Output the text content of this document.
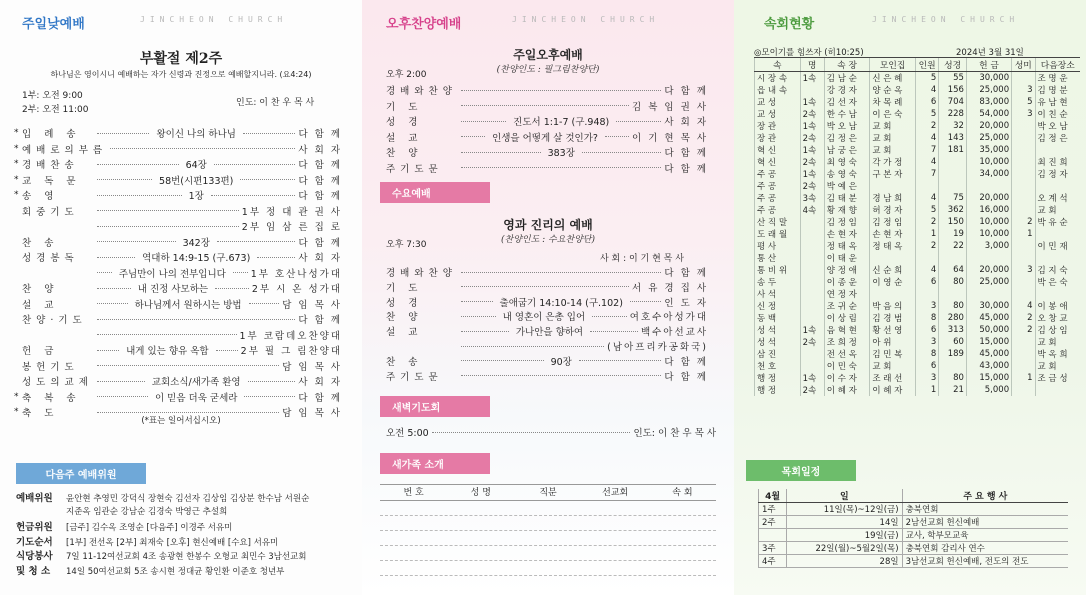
주일낮예배	JINCHEON CHURCH
부활절 제2주
하나님은 영이시니 예배하는 자가 신령과 진정으로 예배할지니라. (요4:24)
1부: 오전 9:00
2부: 오전 11:00
인도: 이 찬 우 목 사
* 입 례 송	왕이신 나의 하나님	다 함 께
* 예배로의부름	사 회 자
* 경배찬송	64장	다 함 께
* 교 독 문	58번(시편133편)	다 함 께
* 송 영	1장	다 함 께
회중기도	1부 정 대 관 권 사
2부 임 삼 른 집 로
찬 송	342장	다 함 께
성경봉독	역대하 14:9-15 (구.673)	사 회 자
주님만이 나의 전부입니다	1부 호산나성가대
찬 양	내 진정 사모하는	2부 시 온 성가대
설 교	하나님께서 원하시는 방법	담 임 목 사
찬양·기도	다 함 께
1부 코람데오찬양대
헌 금	내게 있는 향유 옥합	2부 필 그 림찬양대
봉헌기도	담 임 목 사
성도의교제	교회소식/새가족 환영	사 회 자
* 축 복 송	이 믿음 더욱 굳세라	다 함 께
* 축 도	담 임 목 사
(*표는 일어서십시오)
다음주 예배위원
예배위원 윤안현 추영민 강덕식 장현숙 김선자 김상임 김상분 한수남 서원순
지준옥 임관순 강남순 김경숙 박영근 추설희
헌금위원 [금주] 김수옥 조영순 [다음주] 이경주 서유미
기도순서 [1부] 전선옥 [2부] 최재숙 [오후] 현신예배 [수요] 서유미
식당봉사 7일 11-12여선교회 4조 송광현 한봉수 오형교 최민수 3남선교회
및 청 소 14일 50여선교회 5조 송시현 정대균 황인환 이준호 청년부
오후찬양예배	JINCHEON CHURCH
주일오후예배
(찬양인도 : 필그림찬양단)
오후 2:00
경배와찬양	다 함 께
기 도	김 복 임 권 사
성 경	진도서 1:1-7 (구.948)	사 회 자
설 교	인생을 어떻게 살 것인가?	이 기 현 목 사
찬 양	383장	다 함 께
주기도문	다 함 께
수요예배
영과 진리의 예배
(찬양인도 : 수요찬양단)
오후 7:30
사 회 : 이 기 현 목 사
경배와찬양	다 함 께
기 도	서 유 경 집 사
성 경	출애굽기 14:10-14 (구.102)	인 도 자
찬 양	내 영혼이 은총 입어	여호수아성가대
설 교	가나안을 향하여	백수아선교사
(남아프리카공화국)
찬 송	90장	다 함 께
주기도문	다 함 께
새벽기도회
오전 5:00	인도: 이 찬 우 목 사
새가족 소개
번 호	성 명	직분	선교회	속 회
속회현황	JINCHEON CHURCH
◎모이기를 힘쓰자 (히10:25)	2024년 3월 31일
속	명	속 장	모인집	인원	성경	헌 금	성미	다음장소
시 장 속	1속	김 남 순	신 은 혜	5	55	30,000		조 명 운
읍 내 속		강 경 자	양 순 옥	4	156	25,000	3	김 명 분
교 성	1속	김 선 자	차 목 례	6	704	83,000	5	유 남 현
교 성	2속	한 수 남	이 은 숙	5	228	54,000	3	이 친 순
장 관	1속	박 오 남	교 회	2	32	20,000		박 오 남
장 관	2속	김 정 은	교 회	4	143	25,000		김 정 은
혁 신	1속	남 궁 은	교 회	7	181	35,000		
혁 신	2속	최 영 숙	각 가 정	4		10,000		최 진 희
주 공	1속	송 영 숙	구 본 자	7		34,000		김 정 자
주 공	2속	박 예 은						
주 공	3속	김 태 분	경 남 희	4	75	20,000		오 계 석
주 공	4속	황 재 향	허 경 자	5	362	16,000		교 회
산 직 말		김 정 임	김 정 임	2	150	10,000	2	박 유 순
도 래 월		손 현 자	손 현 자	1	19	10,000	1	
평 사		정 태 옥	정 태 옥	2	22	3,000		이 민 재
통 산		이 태 운						
통 비 위		양 정 애	신 순 희	4	64	20,000	3	김 지 숙
송 두		이 종 운	이 영 순	6	80	25,000		박 은 숙
사 석		연 정 자						
신 정		조 귀 순	박 음 의	3	80	30,000	4	이 봉 애
동 백		이 상 림	김 경 범	8	280	45,000	2	오 창 교
성 석	1속	음 혁 현	황 선 영	6	313	50,000	2	김 상 임
성 석	2속	조 희 정	아 위	3	60	15,000		교 회
삼 진		전 선 옥	김 민 복	8	189	45,000		박 옥 희
천 호		이 민 숙	교 회	6		43,000		교 회
행 정	1속	이 수 자	조 래 선	3	80	15,000	1	조 금 성
행 정	2속	이 혜 자	이 혜 자	1	21	5,000		
목회일정
4월	일	주 요 행 사
1주	11일(목)~12일(금)	충북연회
2주	14일	2남선교회 헌신예배
	19일(금)	교사, 학부모교육
3주	22일(월)~5월2일(목)	충북연회 감리사 연수
4주	28일	3남선교회 헌신예배, 전도의 전도
